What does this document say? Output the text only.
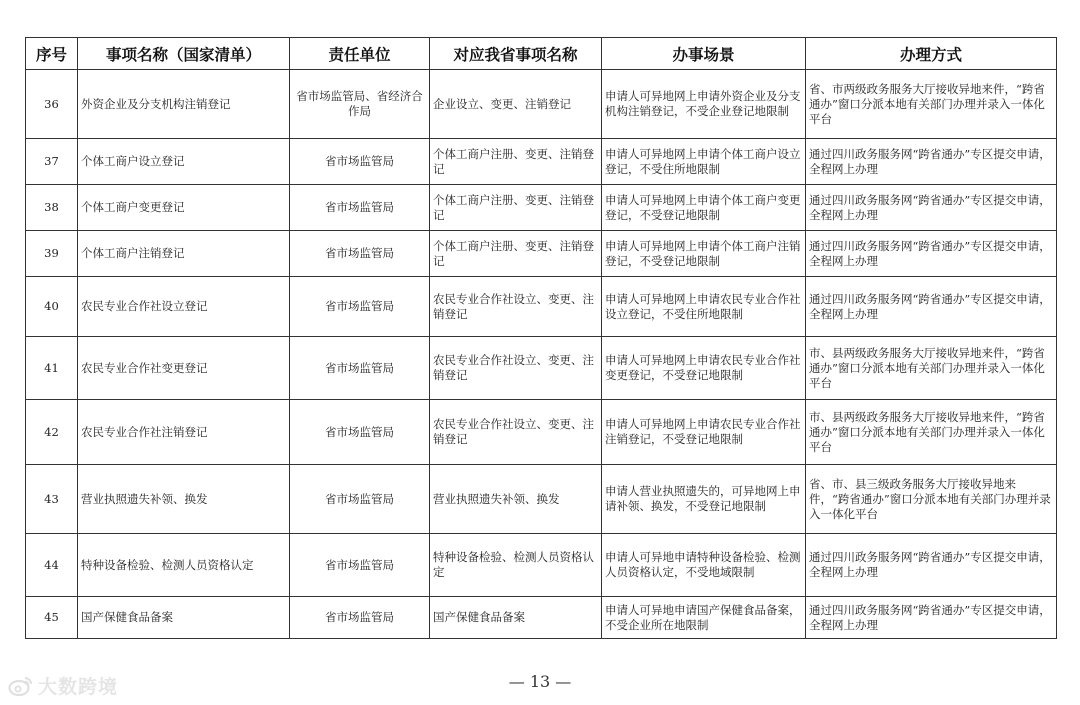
序号	事项名称（国家清单）	责任单位	对应我省事项名称	办事场景	办理方式
36	外资企业及分支机构注销登记	省市场监管局、省经济合作局	企业设立、变更、注销登记	申请人可异地网上申请外资企业及分支机构注销登记，不受企业登记地限制	省、市两级政务服务大厅接收异地来件，“跨省通办”窗口分派本地有关部门办理并录入一体化平台
37	个体工商户设立登记	省市场监管局	个体工商户注册、变更、注销登记	申请人可异地网上申请个体工商户设立登记，不受住所地限制	通过四川政务服务网“跨省通办”专区提交申请，全程网上办理
38	个体工商户变更登记	省市场监管局	个体工商户注册、变更、注销登记	申请人可异地网上申请个体工商户变更登记，不受登记地限制	通过四川政务服务网“跨省通办”专区提交申请，全程网上办理
39	个体工商户注销登记	省市场监管局	个体工商户注册、变更、注销登记	申请人可异地网上申请个体工商户注销登记，不受登记地限制	通过四川政务服务网“跨省通办”专区提交申请，全程网上办理
40	农民专业合作社设立登记	省市场监管局	农民专业合作社设立、变更、注销登记	申请人可异地网上申请农民专业合作社设立登记，不受住所地限制	通过四川政务服务网“跨省通办”专区提交申请，全程网上办理
41	农民专业合作社变更登记	省市场监管局	农民专业合作社设立、变更、注销登记	申请人可异地网上申请农民专业合作社变更登记，不受登记地限制	市、县两级政务服务大厅接收异地来件，“跨省通办”窗口分派本地有关部门办理并录入一体化平台
42	农民专业合作社注销登记	省市场监管局	农民专业合作社设立、变更、注销登记	申请人可异地网上申请农民专业合作社注销登记，不受登记地限制	市、县两级政务服务大厅接收异地来件，“跨省通办”窗口分派本地有关部门办理并录入一体化平台
43	营业执照遗失补领、换发	省市场监管局	营业执照遗失补领、换发	申请人营业执照遗失的，可异地网上申请补领、换发，不受登记地限制	省、市、县三级政务服务大厅接收异地来件，“跨省通办”窗口分派本地有关部门办理并录入一体化平台
44	特种设备检验、检测人员资格认定	省市场监管局	特种设备检验、检测人员资格认定	申请人可异地申请特种设备检验、检测人员资格认定，不受地域限制	通过四川政务服务网“跨省通办”专区提交申请，全程网上办理
45	国产保健食品备案	省市场监管局	国产保健食品备案	申请人可异地申请国产保健食品备案，不受企业所在地限制	通过四川政务服务网“跨省通办”专区提交申请，全程网上办理
大数跨境	— 13 —
